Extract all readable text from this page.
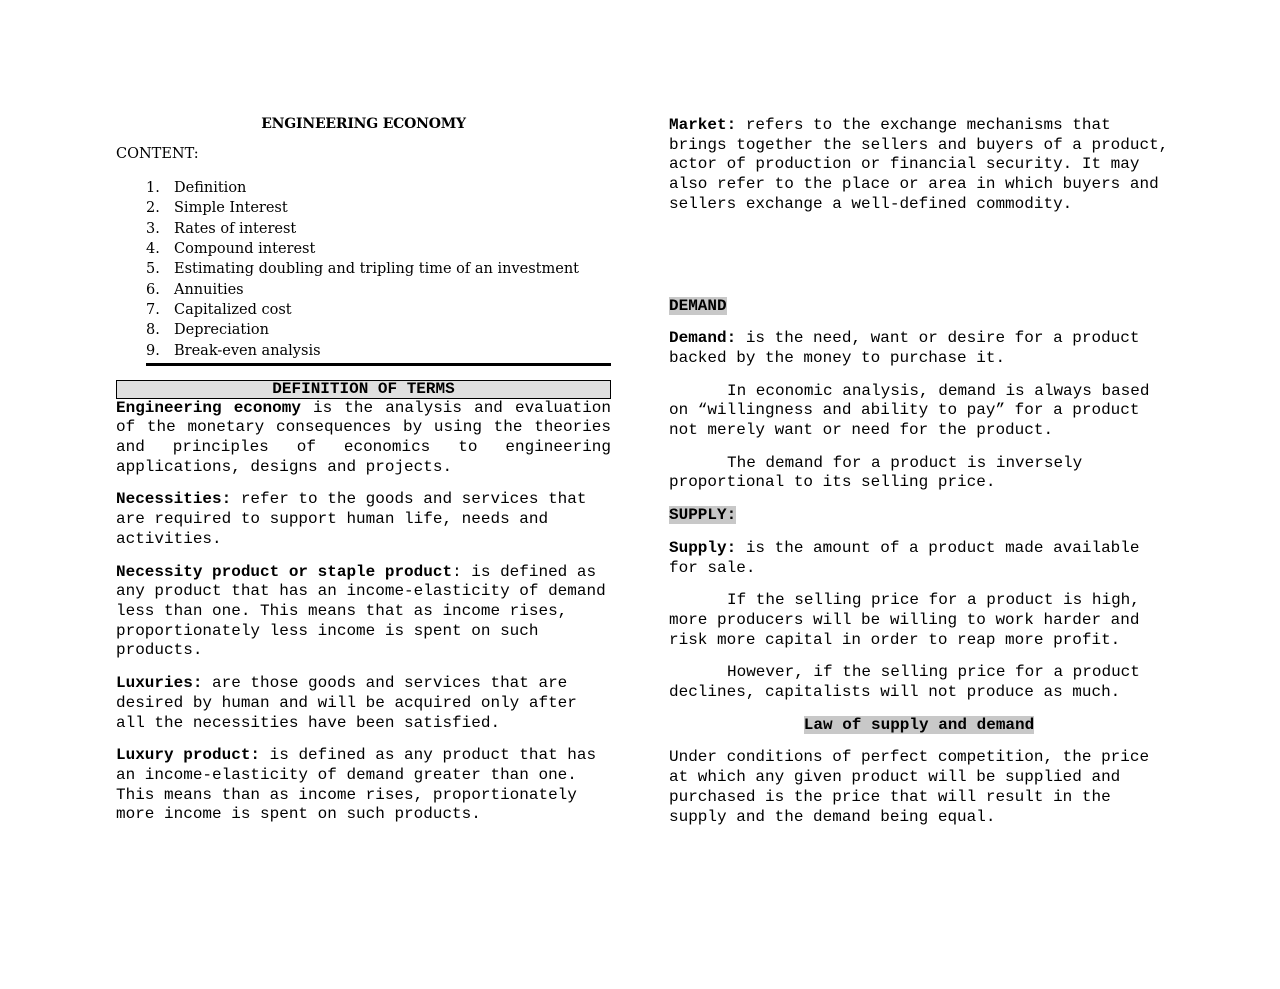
ENGINEERING ECONOMY
CONTENT:
1. Definition
2. Simple Interest
3. Rates of interest
4. Compound interest
5. Estimating doubling and tripling time of an investment
6. Annuities
7. Capitalized cost
8. Depreciation
9. Break-even analysis
DEFINITION OF TERMS

Engineering economy is the analysis and evaluation of the monetary consequences by using the theories and principles of economics to engineering applications, designs and projects.

Necessities: refer to the goods and services that are required to support human life, needs and activities.

Necessity product or staple product: is defined as any product that has an income-elasticity of demand less than one. This means that as income rises, proportionately less income is spent on such products.

Luxuries: are those goods and services that are desired by human and will be acquired only after all the necessities have been satisfied.

Luxury product: is defined as any product that has an income-elasticity of demand greater than one. This means than as income rises, proportionately more income is spent on such products.

Market: refers to the exchange mechanisms that brings together the sellers and buyers of a product, actor of production or financial security. It may also refer to the place or area in which buyers and sellers exchange a well-defined commodity.

DEMAND

Demand: is the need, want or desire for a product backed by the money to purchase it.

In economic analysis, demand is always based on “willingness and ability to pay” for a product not merely want or need for the product.

The demand for a product is inversely proportional to its selling price.

SUPPLY:

Supply: is the amount of a product made available for sale.

If the selling price for a product is high, more producers will be willing to work harder and risk more capital in order to reap more profit.

However, if the selling price for a product declines, capitalists will not produce as much.

Law of supply and demand

Under conditions of perfect competition, the price at which any given product will be supplied and purchased is the price that will result in the supply and the demand being equal.
